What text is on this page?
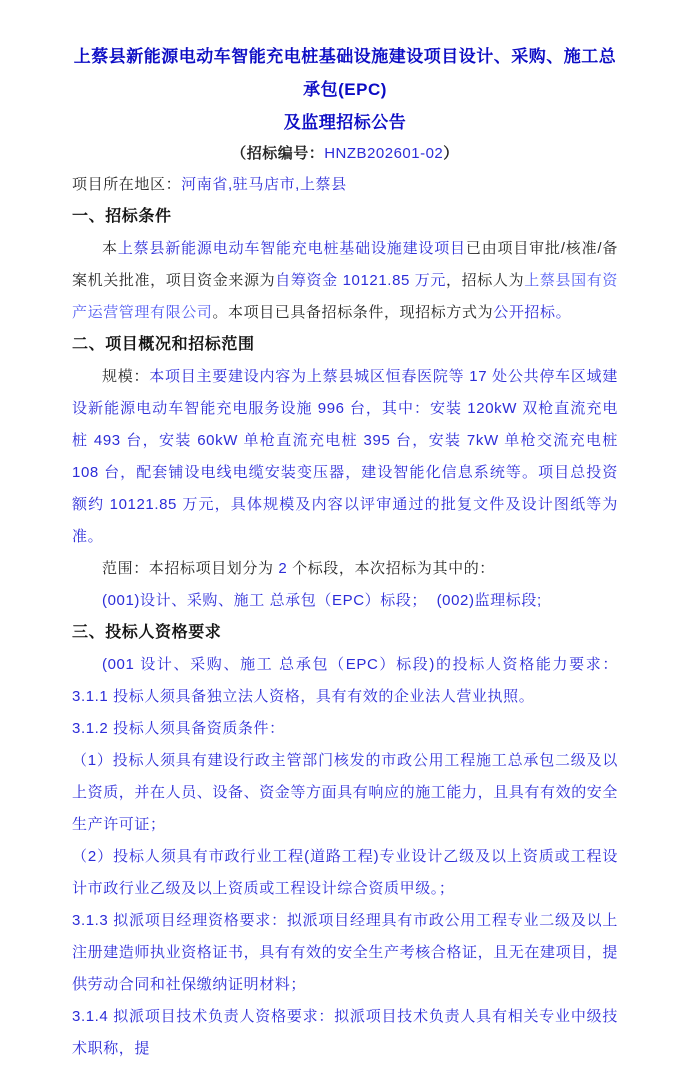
上蔡县新能源电动车智能充电桩基础设施建设项目设计、采购、施工总承包(EPC)
及监理招标公告

（招标编号：HNZB202601-02）

项目所在地区：河南省,驻马店市,上蔡县

一、招标条件

本上蔡县新能源电动车智能充电桩基础设施建设项目已由项目审批/核准/备案机关批准，项目资金来源为自筹资金 10121.85 万元，招标人为上蔡县国有资产运营管理有限公司。本项目已具备招标条件，现招标方式为公开招标。

二、项目概况和招标范围

规模：本项目主要建设内容为上蔡县城区恒春医院等 17 处公共停车区域建设新能源电动车智能充电服务设施 996 台，其中：安装 120kW 双枪直流充电桩 493 台，安装 60kW 单枪直流充电桩 395 台，安装 7kW 单枪交流充电桩 108 台，配套铺设电线电缆安装变压器，建设智能化信息系统等。项目总投资额约 10121.85 万元，具体规模及内容以评审通过的批复文件及设计图纸等为准。

范围：本招标项目划分为 2 个标段，本次招标为其中的：

(001)设计、采购、施工 总承包（EPC）标段；  (002)监理标段;

三、投标人资格要求

(001 设计、采购、施工 总承包（EPC）标段)的投标人资格能力要求：3.1.1 投标人须具备独立法人资格，具有有效的企业法人营业执照。

3.1.2 投标人须具备资质条件：

（1）投标人须具有建设行政主管部门核发的市政公用工程施工总承包二级及以上资质，并在人员、设备、资金等方面具有响应的施工能力，且具有有效的安全生产许可证；

（2）投标人须具有市政行业工程(道路工程)专业设计乙级及以上资质或工程设计市政行业乙级及以上资质或工程设计综合资质甲级。；

3.1.3 拟派项目经理资格要求：拟派项目经理具有市政公用工程专业二级及以上注册建造师执业资格证书，具有有效的安全生产考核合格证，且无在建项目，提供劳动合同和社保缴纳证明材料；

3.1.4 拟派项目技术负责人资格要求：拟派项目技术负责人具有相关专业中级技术职称，提
